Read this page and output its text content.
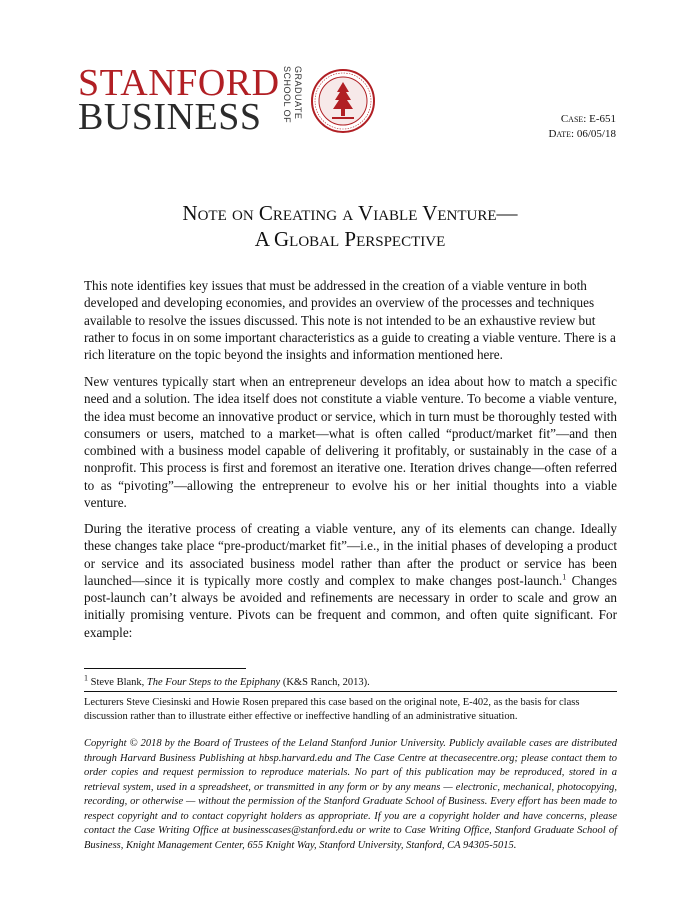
STANFORD
BUSINESS	GRADUATE
SCHOOL OF	Case: E-651
Date: 06/05/18
Note on Creating a Viable Venture—
A Global Perspective

This note identifies key issues that must be addressed in the creation of a viable venture in both developed and developing economies, and provides an overview of the processes and techniques available to resolve the issues discussed. This note is not intended to be an exhaustive review but rather to focus in on some important characteristics as a guide to creating a viable venture. There is a rich literature on the topic beyond the insights and information mentioned here.

New ventures typically start when an entrepreneur develops an idea about how to match a specific need and a solution. The idea itself does not constitute a viable venture. To become a viable venture, the idea must become an innovative product or service, which in turn must be thoroughly tested with consumers or users, matched to a market—what is often called “product/market fit”—and then combined with a business model capable of delivering it profitably, or sustainably in the case of a nonprofit. This process is first and foremost an iterative one. Iteration drives change—often referred to as “pivoting”—allowing the entrepreneur to evolve his or her initial thoughts into a viable venture.

During the iterative process of creating a viable venture, any of its elements can change. Ideally these changes take place “pre-product/market fit”—i.e., in the initial phases of developing a product or service and its associated business model rather than after the product or service has been launched—since it is typically more costly and complex to make changes post-launch.$^1$ Changes post-launch can’t always be avoided and refinements are necessary in order to scale and grow an initially promising venture. Pivots can be frequent and common, and often quite significant. For example:

$^1$ Steve Blank, The Four Steps to the Epiphany (K&S Ranch, 2013).

Lecturers Steve Ciesinski and Howie Rosen prepared this case based on the original note, E-402, as the basis for class discussion rather than to illustrate either effective or ineffective handling of an administrative situation.

Copyright © 2018 by the Board of Trustees of the Leland Stanford Junior University. Publicly available cases are distributed through Harvard Business Publishing at hbsp.harvard.edu and The Case Centre at thecasecentre.org; please contact them to order copies and request permission to reproduce materials. No part of this publication may be reproduced, stored in a retrieval system, used in a spreadsheet, or transmitted in any form or by any means — electronic, mechanical, photocopying, recording, or otherwise — without the permission of the Stanford Graduate School of Business. Every effort has been made to respect copyright and to contact copyright holders as appropriate. If you are a copyright holder and have concerns, please contact the Case Writing Office at businesscases@stanford.edu or write to Case Writing Office, Stanford Graduate School of Business, Knight Management Center, 655 Knight Way, Stanford University, Stanford, CA 94305-5015.
